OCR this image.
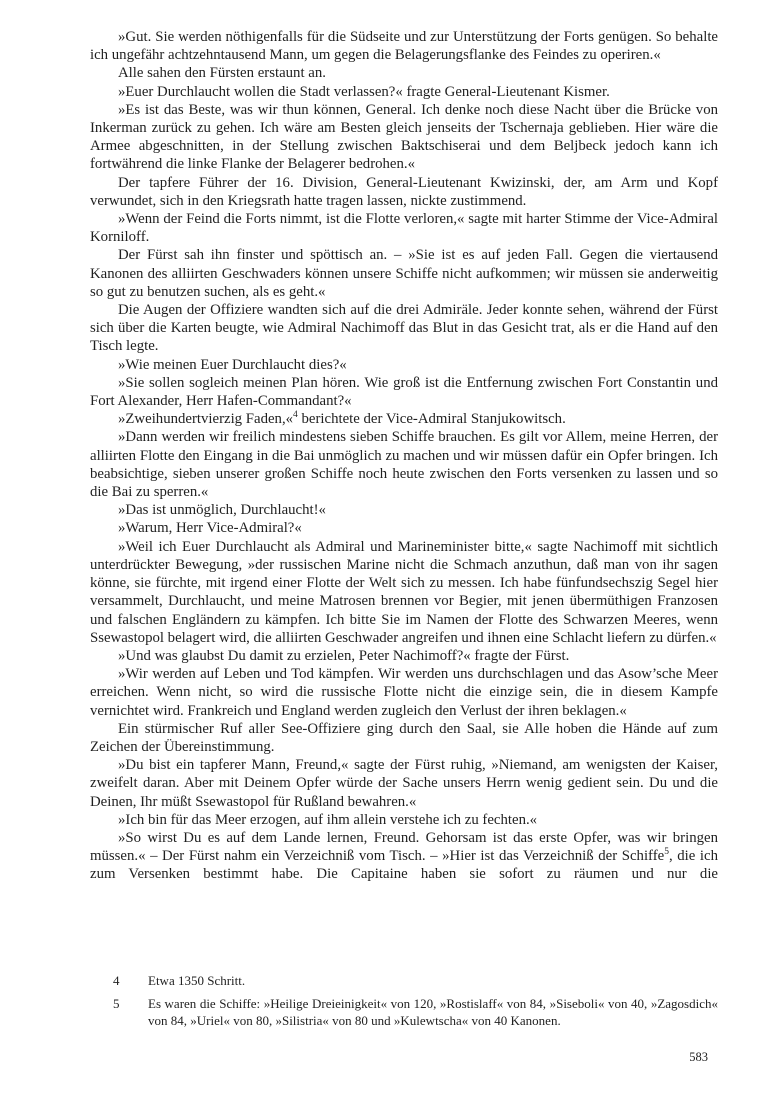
»Gut. Sie werden nöthigenfalls für die Südseite und zur Unterstützung der Forts genügen. So behalte ich ungefähr achtzehntausend Mann, um gegen die Belagerungsflanke des Feindes zu operiren.«

Alle sahen den Fürsten erstaunt an.

»Euer Durchlaucht wollen die Stadt verlassen?« fragte General-Lieutenant Kismer.

»Es ist das Beste, was wir thun können, General. Ich denke noch diese Nacht über die Brücke von Inkerman zurück zu gehen. Ich wäre am Besten gleich jenseits der Tschernaja geblieben. Hier wäre die Armee abgeschnitten, in der Stellung zwischen Baktschiserai und dem Beljbeck jedoch kann ich fortwährend die linke Flanke der Belagerer bedrohen.«

Der tapfere Führer der 16. Division, General-Lieutenant Kwizinski, der, am Arm und Kopf verwundet, sich in den Kriegsrath hatte tragen lassen, nickte zustimmend.

»Wenn der Feind die Forts nimmt, ist die Flotte verloren,« sagte mit harter Stimme der Vice-Admiral Korniloff.

Der Fürst sah ihn finster und spöttisch an. – »Sie ist es auf jeden Fall. Gegen die viertausend Kanonen des alliirten Geschwaders können unsere Schiffe nicht aufkommen; wir müssen sie anderweitig so gut zu benutzen suchen, als es geht.«

Die Augen der Offiziere wandten sich auf die drei Admiräle. Jeder konnte sehen, während der Fürst sich über die Karten beugte, wie Admiral Nachimoff das Blut in das Gesicht trat, als er die Hand auf den Tisch legte.

»Wie meinen Euer Durchlaucht dies?«

»Sie sollen sogleich meinen Plan hören. Wie groß ist die Entfernung zwischen Fort Constantin und Fort Alexander, Herr Hafen-Commandant?«

»Zweihundertvierzig Faden,«$^4$ berichtete der Vice-Admiral Stanjukowitsch.

»Dann werden wir freilich mindestens sieben Schiffe brauchen. Es gilt vor Allem, meine Herren, der alliirten Flotte den Eingang in die Bai unmöglich zu machen und wir müssen dafür ein Opfer bringen. Ich beabsichtige, sieben unserer großen Schiffe noch heute zwischen den Forts versenken zu lassen und so die Bai zu sperren.«

»Das ist unmöglich, Durchlaucht!«

»Warum, Herr Vice-Admiral?«

»Weil ich Euer Durchlaucht als Admiral und Marineminister bitte,« sagte Nachimoff mit sichtlich unterdrückter Bewegung, »der russischen Marine nicht die Schmach anzuthun, daß man von ihr sagen könne, sie fürchte, mit irgend einer Flotte der Welt sich zu messen. Ich habe fünfundsechszig Segel hier versammelt, Durchlaucht, und meine Matrosen brennen vor Begier, mit jenen übermüthigen Franzosen und falschen Engländern zu kämpfen. Ich bitte Sie im Namen der Flotte des Schwarzen Meeres, wenn Ssewastopol belagert wird, die alliirten Geschwader angreifen und ihnen eine Schlacht liefern zu dürfen.«

»Und was glaubst Du damit zu erzielen, Peter Nachimoff?« fragte der Fürst.

»Wir werden auf Leben und Tod kämpfen. Wir werden uns durchschlagen und das Asow’sche Meer erreichen. Wenn nicht, so wird die russische Flotte nicht die einzige sein, die in diesem Kampfe vernichtet wird. Frankreich und England werden zugleich den Verlust der ihren beklagen.«

Ein stürmischer Ruf aller See-Offiziere ging durch den Saal, sie Alle hoben die Hände auf zum Zeichen der Übereinstimmung.

»Du bist ein tapferer Mann, Freund,« sagte der Fürst ruhig, »Niemand, am wenigsten der Kaiser, zweifelt daran. Aber mit Deinem Opfer würde der Sache unsers Herrn wenig gedient sein. Du und die Deinen, Ihr müßt Ssewastopol für Rußland bewahren.«

»Ich bin für das Meer erzogen, auf ihm allein verstehe ich zu fechten.«

»So wirst Du es auf dem Lande lernen, Freund. Gehorsam ist das erste Opfer, was wir bringen müssen.« – Der Fürst nahm ein Verzeichniß vom Tisch. – »Hier ist das Verzeichniß der Schiffe$^5$, die ich zum Versenken bestimmt habe. Die Capitaine haben sie sofort zu räumen und nur die

4	Etwa 1350 Schritt.
5	Es waren die Schiffe: »Heilige Dreieinigkeit« von 120, »Rostislaff« von 84, »Siseboli« von 40, »Zagosdich« von 84, »Uriel« von 80, »Silistria« von 80 und »Kulewtscha« von 40 Kanonen.
583
